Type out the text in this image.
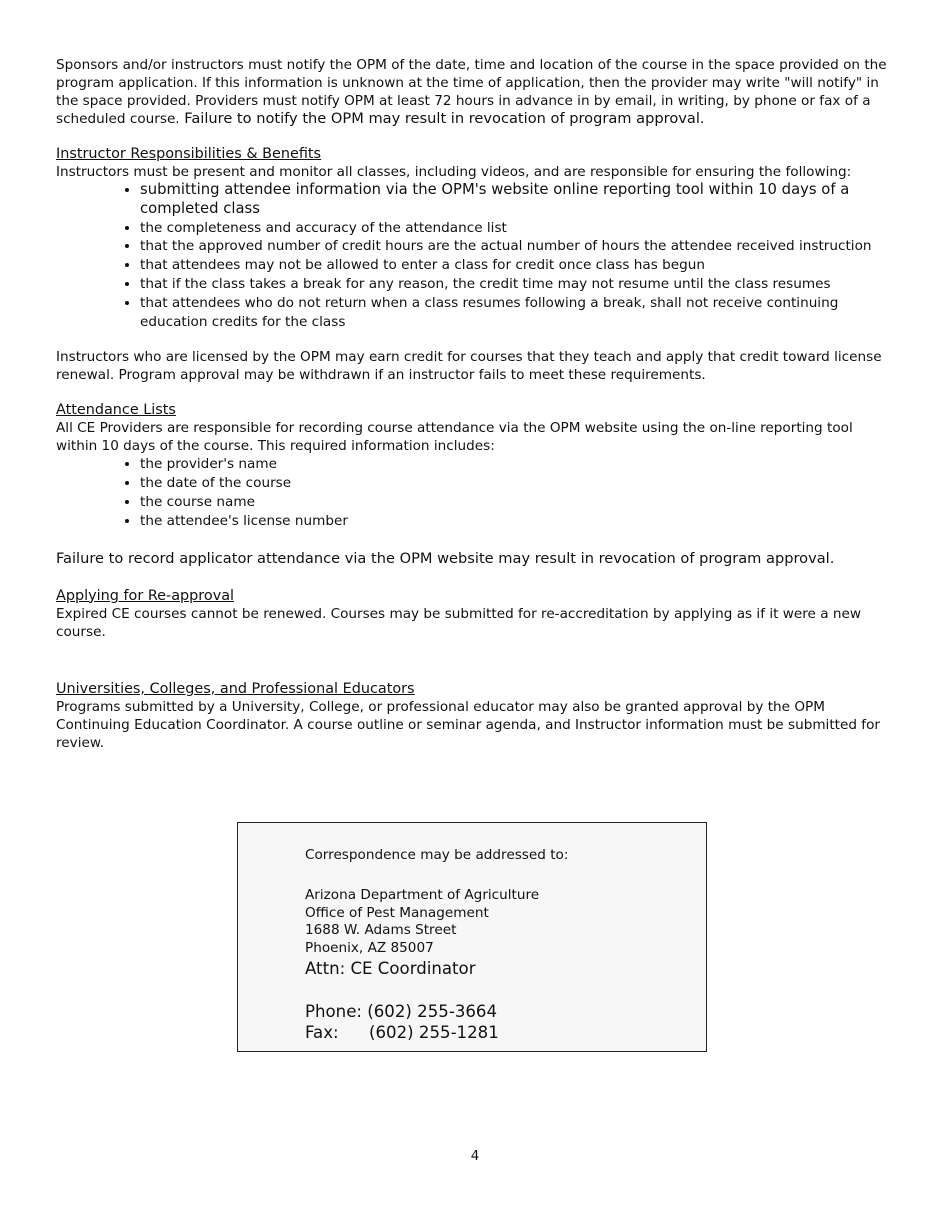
Sponsors and/or instructors must notify the OPM of the date, time and location of the course in the space provided on the program application. If this information is unknown at the time of application, then the provider may write "will notify" in the space provided. Providers must notify OPM at least 72 hours in advance in by email, in writing, by phone or fax of a scheduled course. Failure to notify the OPM may result in revocation of program approval.

Instructor Responsibilities & Benefits

Instructors must be present and monitor all classes, including videos, and are responsible for ensuring the following:

• submitting attendee information via the OPM's website online reporting tool within 10 days of a completed class
• the completeness and accuracy of the attendance list
• that the approved number of credit hours are the actual number of hours the attendee received instruction
• that attendees may not be allowed to enter a class for credit once class has begun
• that if the class takes a break for any reason, the credit time may not resume until the class resumes
• that attendees who do not return when a class resumes following a break, shall not receive continuing education credits for the class

Instructors who are licensed by the OPM may earn credit for courses that they teach and apply that credit toward license renewal. Program approval may be withdrawn if an instructor fails to meet these requirements.

Attendance Lists

All CE Providers are responsible for recording course attendance via the OPM website using the on-line reporting tool within 10 days of the course. This required information includes:

• the provider's name
• the date of the course
• the course name
• the attendee's license number

Failure to record applicator attendance via the OPM website may result in revocation of program approval.

Applying for Re-approval

Expired CE courses cannot be renewed. Courses may be submitted for re-accreditation by applying as if it were a new course.

Universities, Colleges, and Professional Educators

Programs submitted by a University, College, or professional educator may also be granted approval by the OPM Continuing Education Coordinator. A course outline or seminar agenda, and Instructor information must be submitted for review.

Correspondence may be addressed to:

Arizona Department of Agriculture

Office of Pest Management

1688 W. Adams Street

Phoenix, AZ 85007

Attn: CE Coordinator

Phone: (602) 255-3664

Fax: (602) 255-1281

4
